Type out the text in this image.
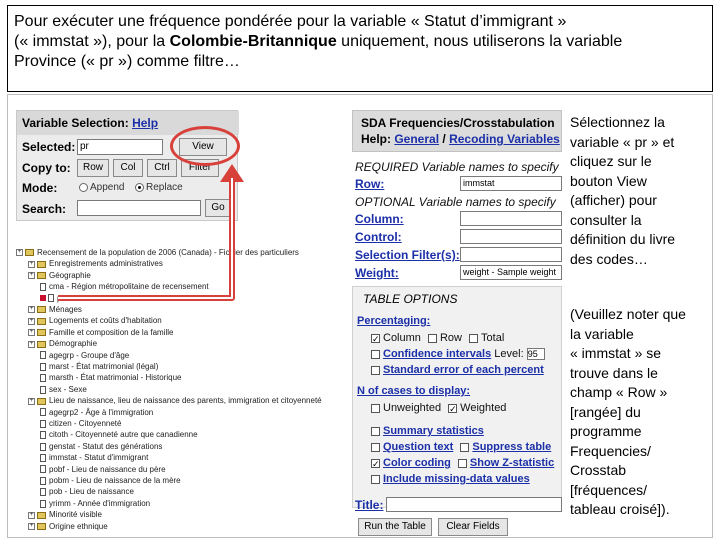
Pour exécuter une fréquence pondérée pour la variable « Statut d’immigrant »
(« immstat »), pour la Colombie-Britannique uniquement, nous utiliserons la variable
Province (« pr ») comme filtre…
Variable Selection: Help
Selected: pr	View
Copy to:	Row	Col	Ctrl	Filter
Mode:	Append	Replace
Search:	Go
+ Recensement de la population de 2006 (Canada) - Fichier des particuliers
+ Enregistrements administratives
+ Géographie
cma - Région métropolitaine de recensement
pr - Province
+ Ménages
+ Logements et coûts d'habitation
+ Famille et composition de la famille
+ Démographie
agegrp - Groupe d'âge
marst - État matrimonial (légal)
marsth - État matrimonial - Historique
sex - Sexe
+ Lieu de naissance, lieu de naissance des parents, immigration et citoyenneté
agegrp2 - Âge à l'immigration
citizen - Citoyenneté
citoth - Citoyenneté autre que canadienne
genstat - Statut des générations
immstat - Statut d'immigrant
pobf - Lieu de naissance du père
pobm - Lieu de naissance de la mère
pob - Lieu de naissance
yrimm - Année d'immigration
+ Minorité visible
+ Origine ethnique
SDA Frequencies/Crosstabulation
Help: General / Recoding Variables
REQUIRED Variable names to specify
Row:	immstat
OPTIONAL Variable names to specify
Column:
Control:
Selection Filter(s):
Weight:	weight - Sample weight
TABLE OPTIONS
Percentaging:
✓ Column Row Total
Confidence intervals Level: 95
Standard error of each percent
N of cases to display:
Unweighted ✓ Weighted
Summary statistics
Question text Suppress table
✓ Color coding Show Z-statistic
Include missing-data values
Title:
Run the Table	Clear Fields
Sélectionnez la
variable « pr » et
cliquez sur le
bouton View
(afficher) pour
consulter la
définition du livre
des codes…
(Veuillez noter que
la variable
« immstat » se
trouve dans le
champ « Row »
[rangée] du
programme
Frequencies/
Crosstab
[fréquences/
tableau croisé]).
